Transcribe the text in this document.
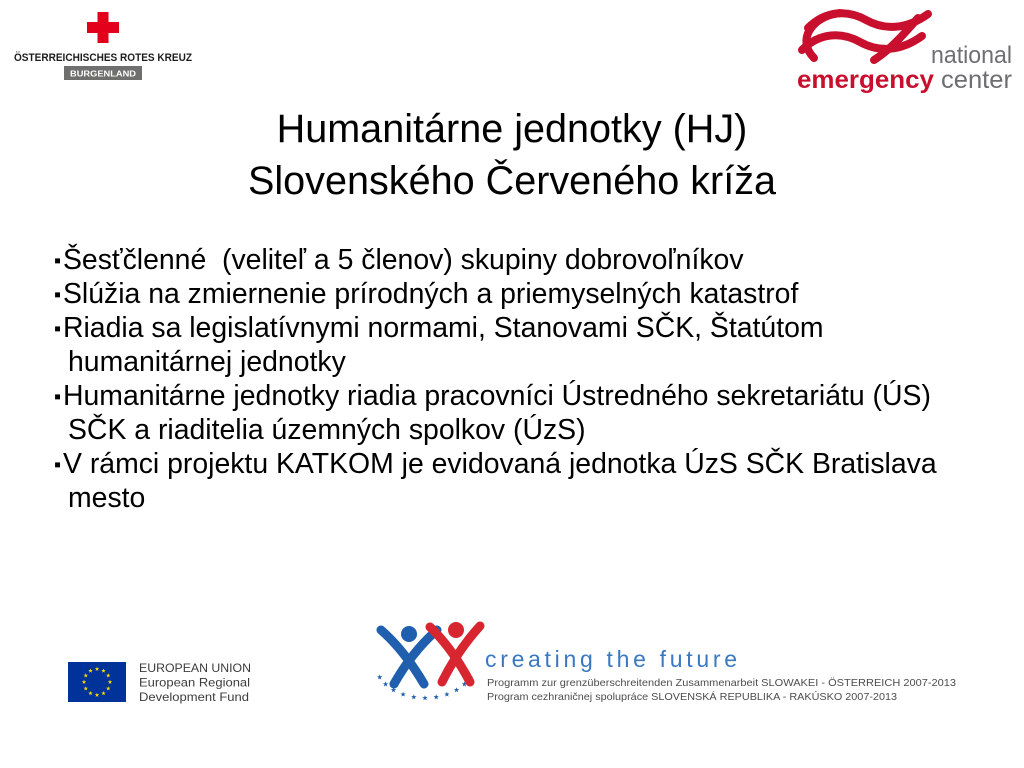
ÖSTERREICHISCHES ROTES KREUZ
BURGENLAND
national
emergency center
Humanitárne jednotky (HJ)
Slovenského Červeného kríža
▪Šesťčlenné  (veliteľ a 5 členov) skupiny dobrovoľníkov
▪Slúžia na zmiernenie prírodných a priemyselných katastrof
▪Riadia sa legislatívnymi normami, Stanovami SČK, Štatútom
humanitárnej jednotky
▪Humanitárne jednotky riadia pracovníci Ústredného sekretariátu (ÚS)
SČK a riaditelia územných spolkov (ÚzS)
▪V rámci projektu KATKOM je evidovaná jednotka ÚzS SČK Bratislava
mesto
EUROPEAN UNION
European Regional
Development Fund
creating the future
Programm zur grenzüberschreitenden Zusammenarbeit SLOWAKEI - ÖSTERREICH 2007-2013
Program cezhraničnej spolupráce SLOVENSKÁ REPUBLIKA - RAKÚSKO 2007-2013
